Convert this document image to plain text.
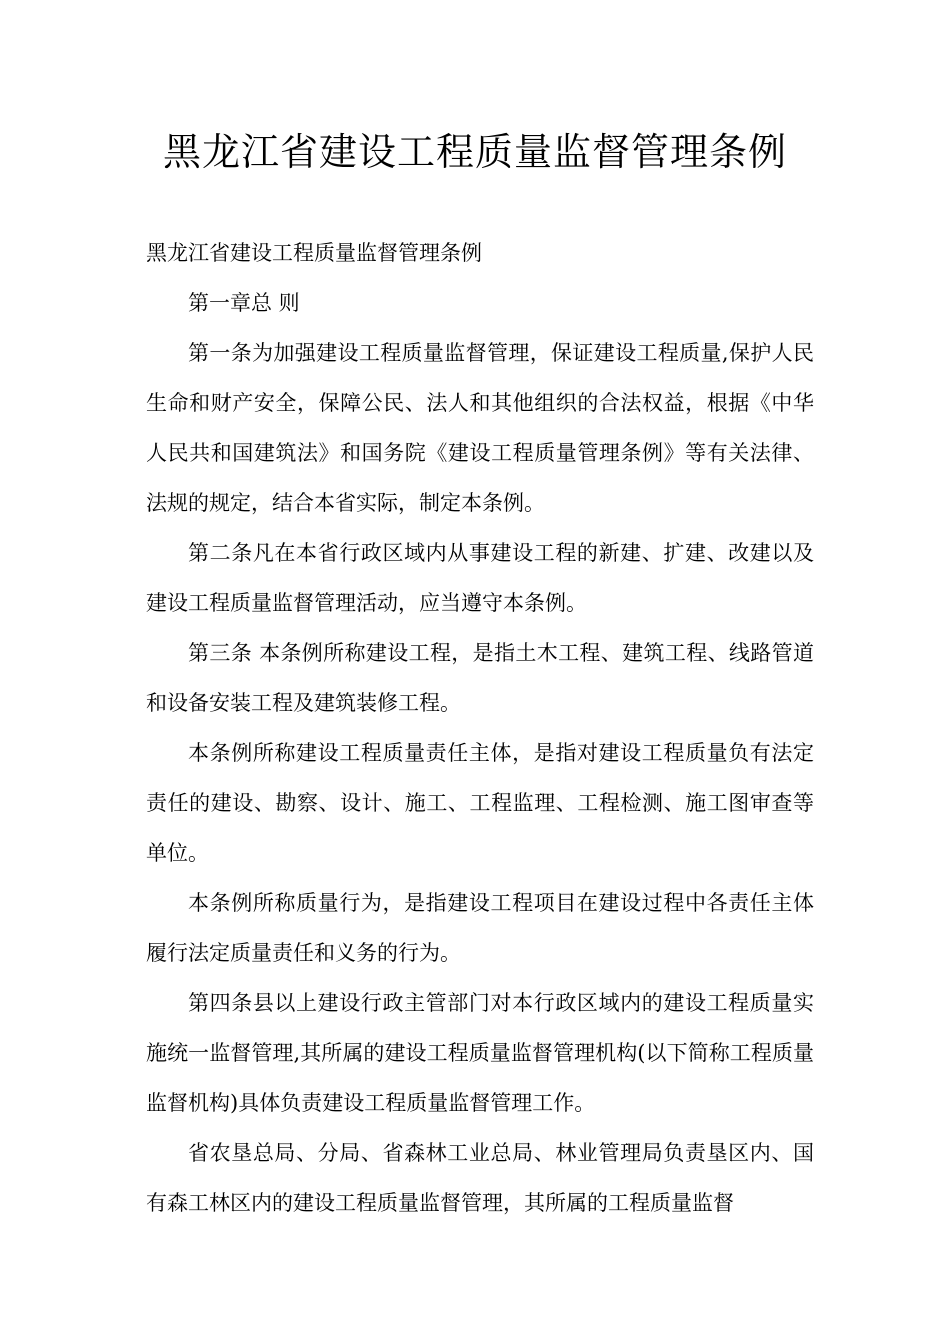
黑龙江省建设工程质量监督管理条例

黑龙江省建设工程质量监督管理条例

第一章总 则

第一条为加强建设工程质量监督管理，保证建设工程质量,保护人民生命和财产安全，保障公民、法人和其他组织的合法权益，根据《中华人民共和国建筑法》和国务院《建设工程质量管理条例》等有关法律、法规的规定，结合本省实际，制定本条例。

第二条凡在本省行政区域内从事建设工程的新建、扩建、改建以及建设工程质量监督管理活动，应当遵守本条例。

第三条 本条例所称建设工程，是指土木工程、建筑工程、线路管道和设备安装工程及建筑装修工程。

本条例所称建设工程质量责任主体，是指对建设工程质量负有法定责任的建设、勘察、设计、施工、工程监理、工程检测、施工图审查等单位。

本条例所称质量行为，是指建设工程项目在建设过程中各责任主体履行法定质量责任和义务的行为。

第四条县以上建设行政主管部门对本行政区域内的建设工程质量实施统一监督管理,其所属的建设工程质量监督管理机构(以下简称工程质量监督机构)具体负责建设工程质量监督管理工作。

省农垦总局、分局、省森林工业总局、林业管理局负责垦区内、国有森工林区内的建设工程质量监督管理，其所属的工程质量监督
